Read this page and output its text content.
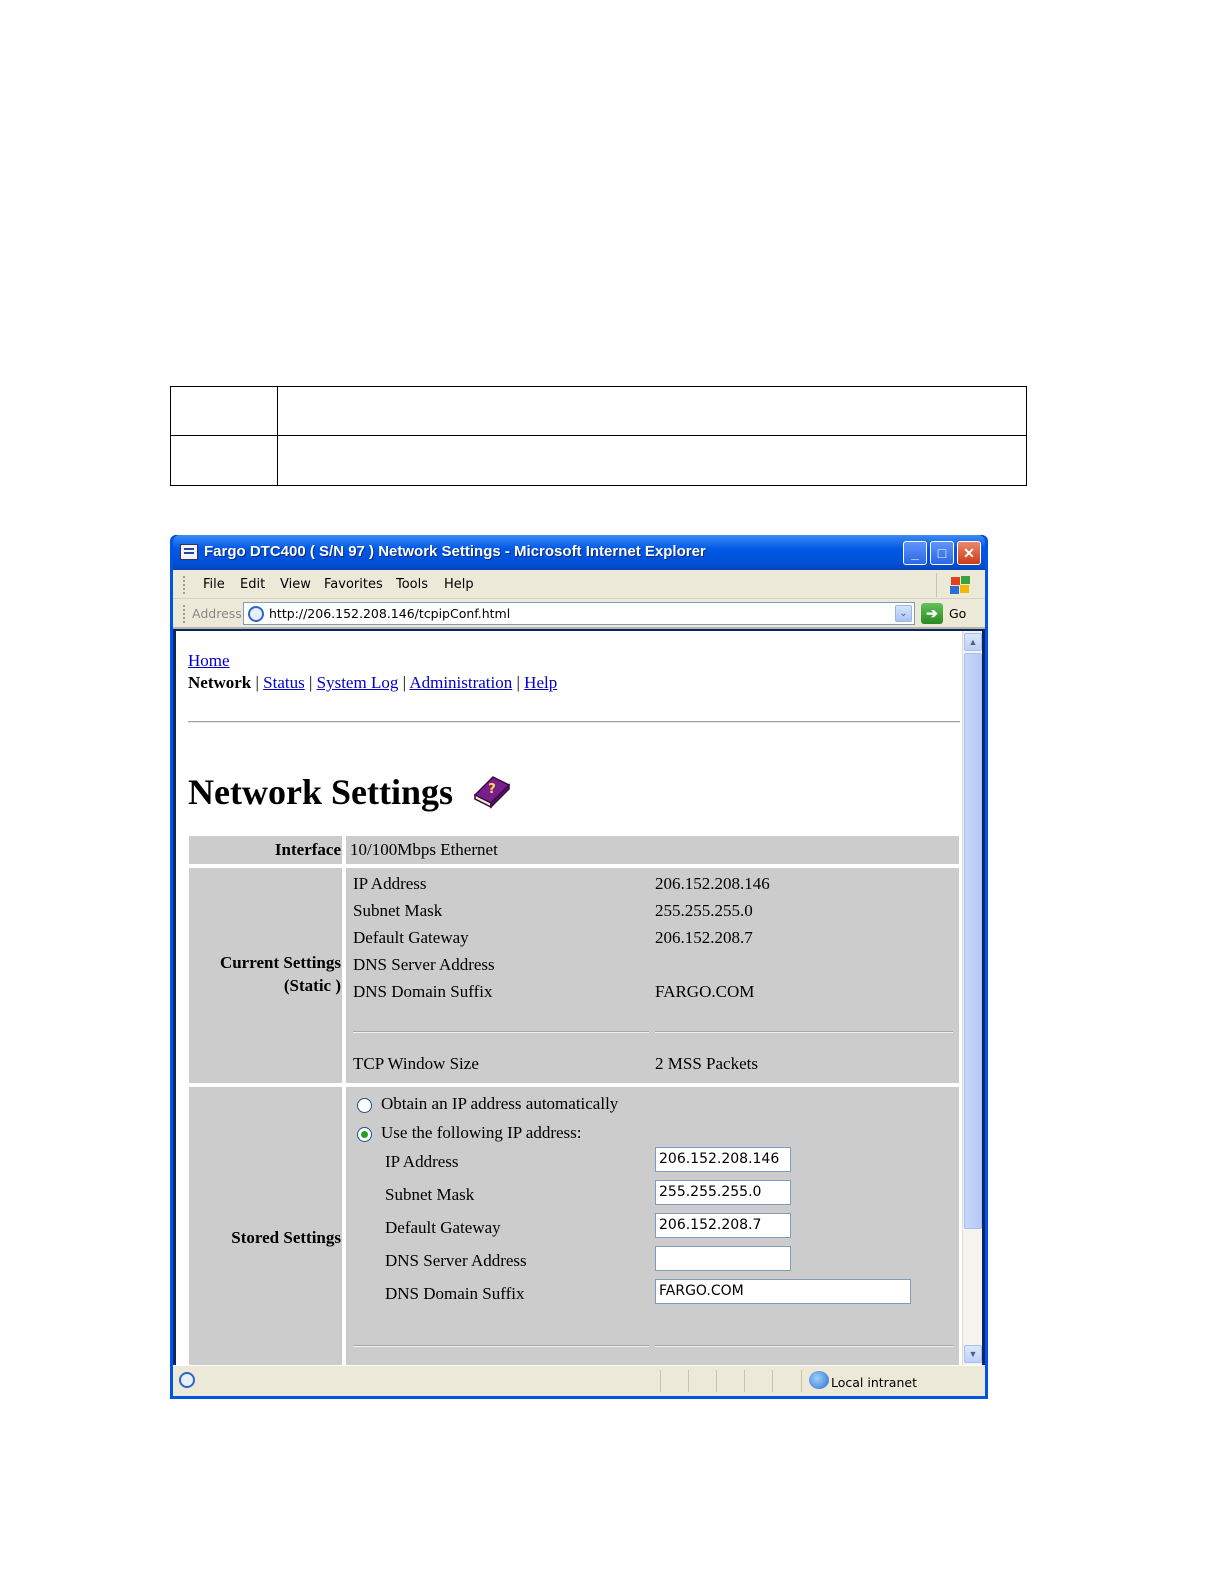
Fargo DTC400 ( S/N 97 ) Network Settings - Microsoft Internet Explorer	_	□	✕
File Edit View Favorites Tools Help
Address http://206.152.208.146/tcpipConf.html	⌄	➔ Go
Home
Network | Status | System Log | Administration | Help
Network Settings	?
Interface 10/100Mbps Ethernet
Current Settings
(Static )
IP Address	206.152.208.146
Subnet Mask	255.255.255.0
Default Gateway	206.152.208.7
DNS Server Address
DNS Domain Suffix	FARGO.COM
TCP Window Size	2 MSS Packets
Stored Settings
Obtain an IP address automatically
Use the following IP address:
IP Address	206.152.208.146
Subnet Mask	255.255.255.0
Default Gateway	206.152.208.7
DNS Server Address
DNS Domain Suffix	FARGO.COM
▲
▼
Local intranet
